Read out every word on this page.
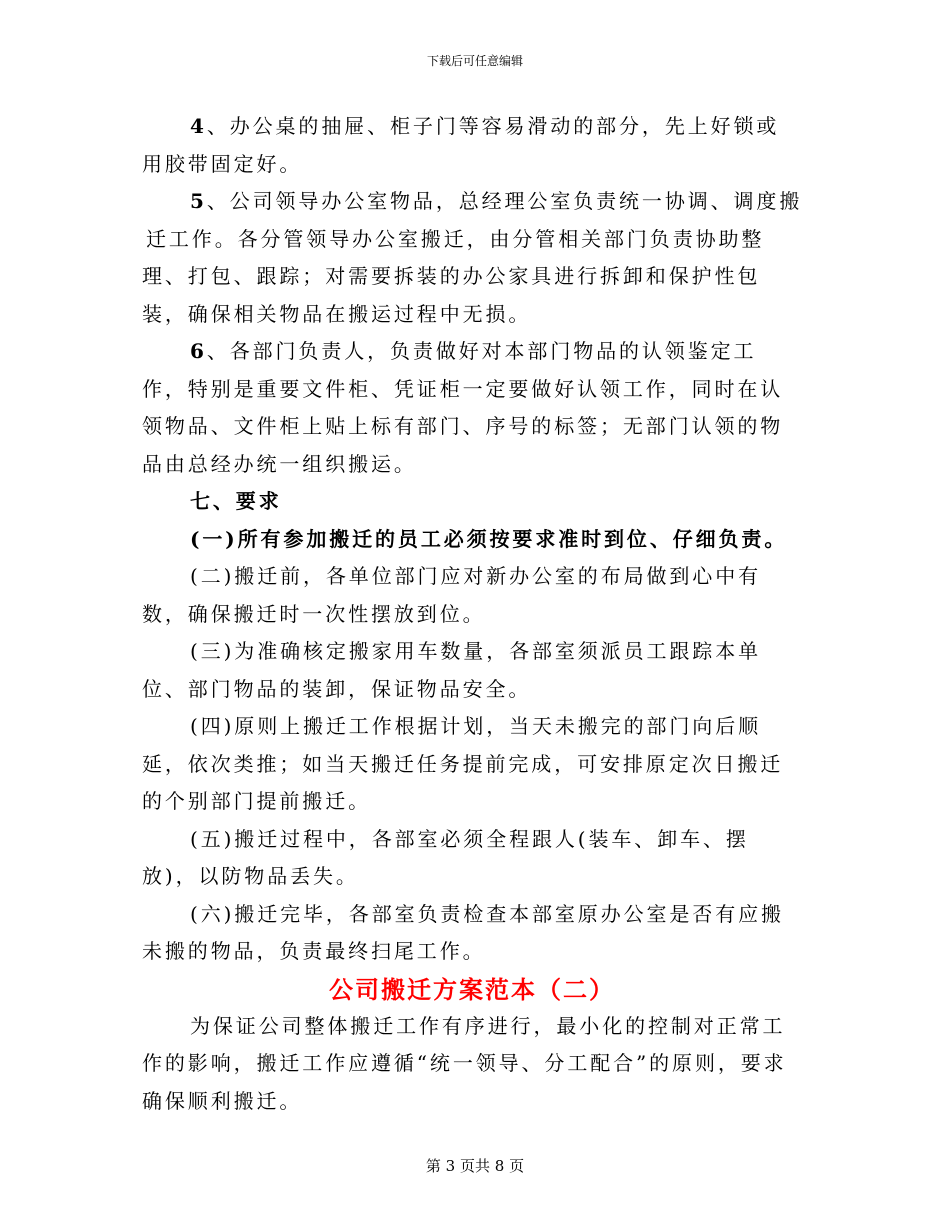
下载后可任意编辑

4、办公桌的抽屉、柜子门等容易滑动的部分，先上好锁或用胶带固定好。

5、公司领导办公室物品，总经理公室负责统一协调、调度搬
迁工作。各分管领导办公室搬迁，由分管相关部门负责协助整理、打包、跟踪；对需要拆装的办公家具进行拆卸和保护性包装，确保相关物品在搬运过程中无损。

6、各部门负责人，负责做好对本部门物品的认领鉴定工作，特别是重要文件柜、凭证柜一定要做好认领工作，同时在认领物品、文件柜上贴上标有部门、序号的标签；无部门认领的物品由总经办统一组织搬运。

七、要求

(一)所有参加搬迁的员工必须按要求准时到位、仔细负责。

(二)搬迁前，各单位部门应对新办公室的布局做到心中有数，确保搬迁时一次性摆放到位。

(三)为准确核定搬家用车数量，各部室须派员工跟踪本单位、部门物品的装卸，保证物品安全。

(四)原则上搬迁工作根据计划，当天未搬完的部门向后顺延，依次类推；如当天搬迁任务提前完成，可安排原定次日搬迁的个别部门提前搬迁。

(五)搬迁过程中，各部室必须全程跟人(装车、卸车、摆放)，以防物品丢失。

(六)搬迁完毕，各部室负责检查本部室原办公室是否有应搬未搬的物品，负责最终扫尾工作。

公司搬迁方案范本（二）

为保证公司整体搬迁工作有序进行，最小化的控制对正常工作的影响，搬迁工作应遵循“统一领导、分工配合”的原则，要求确保顺利搬迁。

第 3 页共 8 页
